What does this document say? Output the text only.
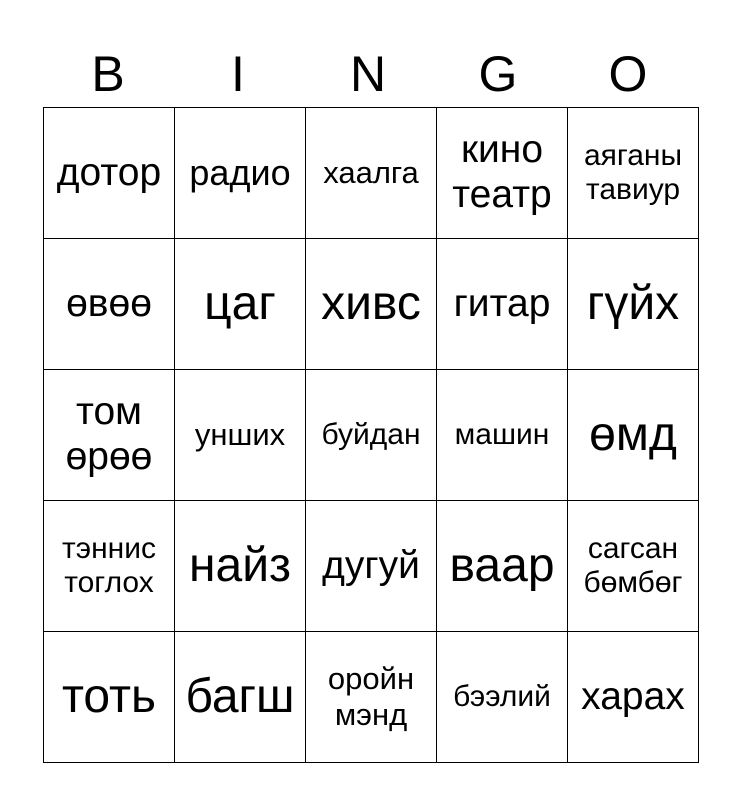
B	I	N	G	O
дотор	радио	хаалга	кино театр	аяганы тавиур

өвөө	цаг	хивс	гитар	гүйх

том өрөө	унших	буйдан	машин	өмд

тэннис тоглох	найз	дугуй	ваар	сагсан бөмбөг

тоть	багш	оройн мэнд	бээлий	харах
